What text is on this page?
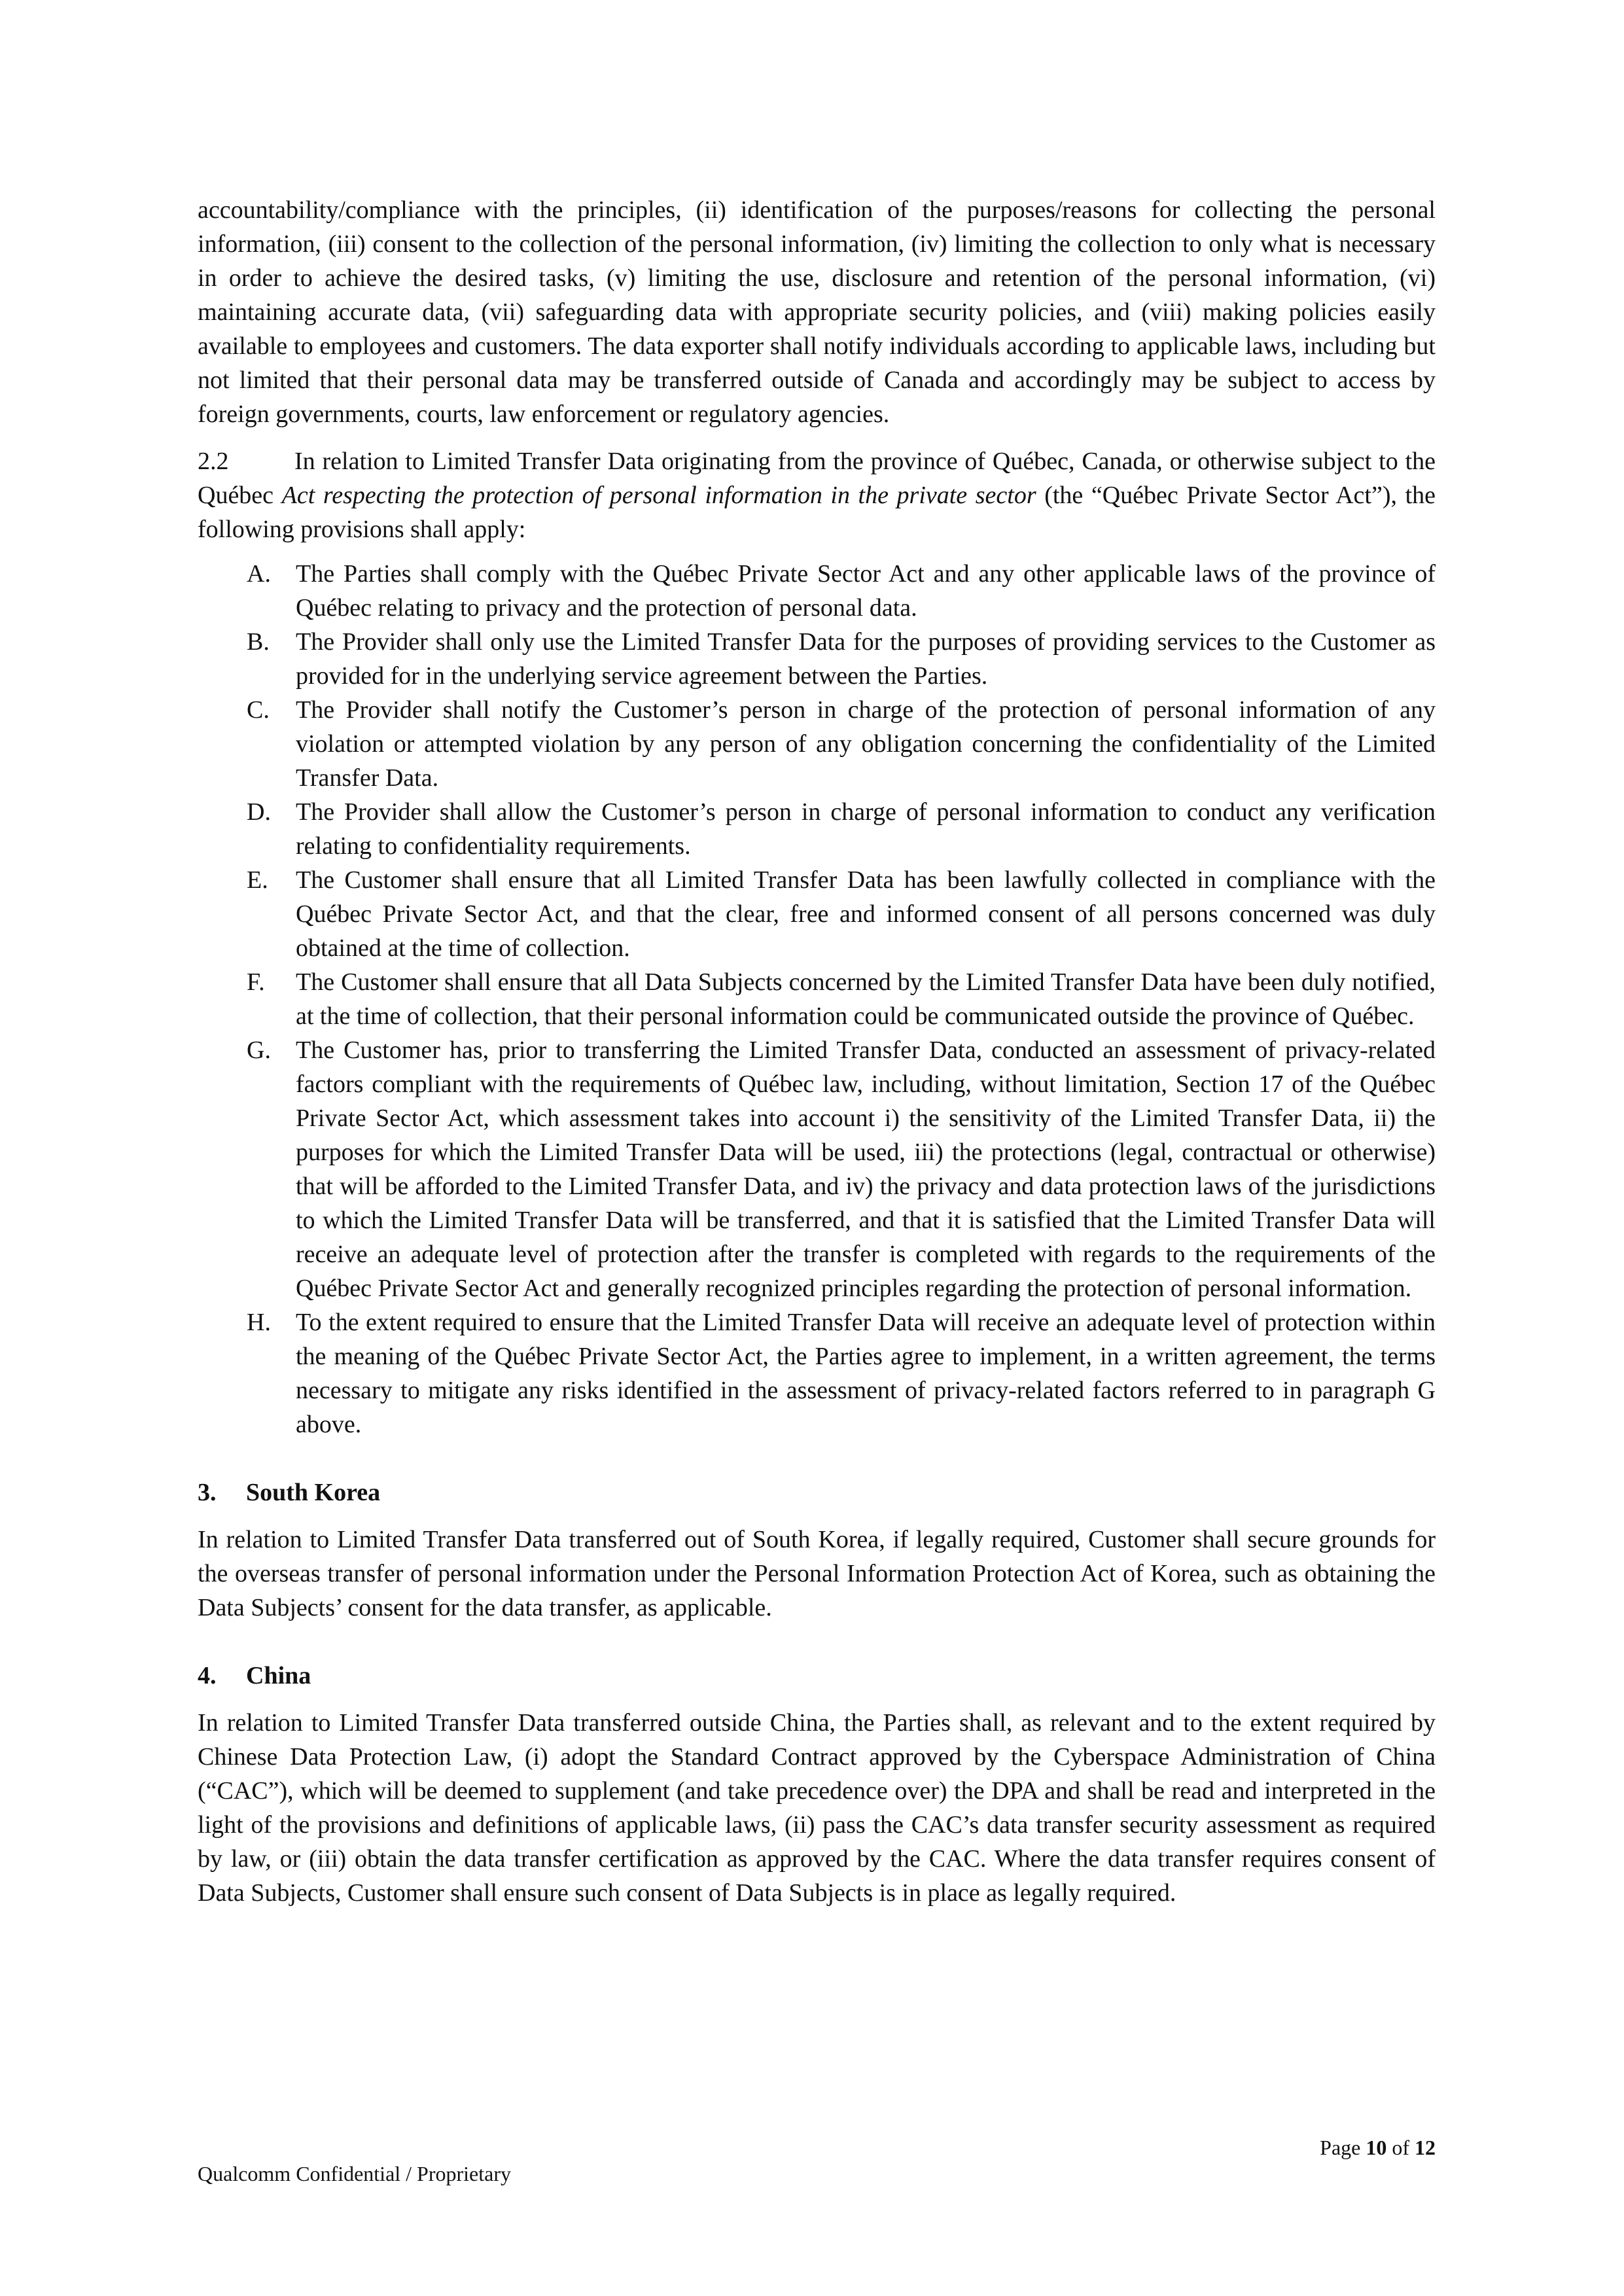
accountability/compliance with the principles, (ii) identification of the purposes/reasons for collecting the personal information, (iii) consent to the collection of the personal information, (iv) limiting the collection to only what is necessary in order to achieve the desired tasks, (v) limiting the use, disclosure and retention of the personal information, (vi) maintaining accurate data, (vii) safeguarding data with appropriate security policies, and (viii) making policies easily available to employees and customers. The data exporter shall notify individuals according to applicable laws, including but not limited that their personal data may be transferred outside of Canada and accordingly may be subject to access by foreign governments, courts, law enforcement or regulatory agencies.

2.2	In relation to Limited Transfer Data originating from the province of Québec, Canada, or otherwise subject to the Québec Act respecting the protection of personal information in the private sector (the “Québec Private Sector Act”), the following provisions shall apply:

A. The Parties shall comply with the Québec Private Sector Act and any other applicable laws of the province of Québec relating to privacy and the protection of personal data.
B. The Provider shall only use the Limited Transfer Data for the purposes of providing services to the Customer as provided for in the underlying service agreement between the Parties.
C. The Provider shall notify the Customer’s person in charge of the protection of personal information of any violation or attempted violation by any person of any obligation concerning the confidentiality of the Limited Transfer Data.
D. The Provider shall allow the Customer’s person in charge of personal information to conduct any verification relating to confidentiality requirements.
E. The Customer shall ensure that all Limited Transfer Data has been lawfully collected in compliance with the Québec Private Sector Act, and that the clear, free and informed consent of all persons concerned was duly obtained at the time of collection.
F. The Customer shall ensure that all Data Subjects concerned by the Limited Transfer Data have been duly notified, at the time of collection, that their personal information could be communicated outside the province of Québec.
G. The Customer has, prior to transferring the Limited Transfer Data, conducted an assessment of privacy-related factors compliant with the requirements of Québec law, including, without limitation, Section 17 of the Québec Private Sector Act, which assessment takes into account i) the sensitivity of the Limited Transfer Data, ii) the purposes for which the Limited Transfer Data will be used, iii) the protections (legal, contractual or otherwise) that will be afforded to the Limited Transfer Data, and iv) the privacy and data protection laws of the jurisdictions to which the Limited Transfer Data will be transferred, and that it is satisfied that the Limited Transfer Data will receive an adequate level of protection after the transfer is completed with regards to the requirements of the Québec Private Sector Act and generally recognized principles regarding the protection of personal information.
H. To the extent required to ensure that the Limited Transfer Data will receive an adequate level of protection within the meaning of the Québec Private Sector Act, the Parties agree to implement, in a written agreement, the terms necessary to mitigate any risks identified in the assessment of privacy-related factors referred to in paragraph G above.
3. South Korea

In relation to Limited Transfer Data transferred out of South Korea, if legally required, Customer shall secure grounds for the overseas transfer of personal information under the Personal Information Protection Act of Korea, such as obtaining the Data Subjects’ consent for the data transfer, as applicable.

4. China

In relation to Limited Transfer Data transferred outside China, the Parties shall, as relevant and to the extent required by Chinese Data Protection Law, (i) adopt the Standard Contract approved by the Cyberspace Administration of China (“CAC”), which will be deemed to supplement (and take precedence over) the DPA and shall be read and interpreted in the light of the provisions and definitions of applicable laws, (ii) pass the CAC’s data transfer security assessment as required by law, or (iii) obtain the data transfer certification as approved by the CAC. Where the data transfer requires consent of Data Subjects, Customer shall ensure such consent of Data Subjects is in place as legally required.

Page 10 of 12
Qualcomm Confidential / Proprietary
